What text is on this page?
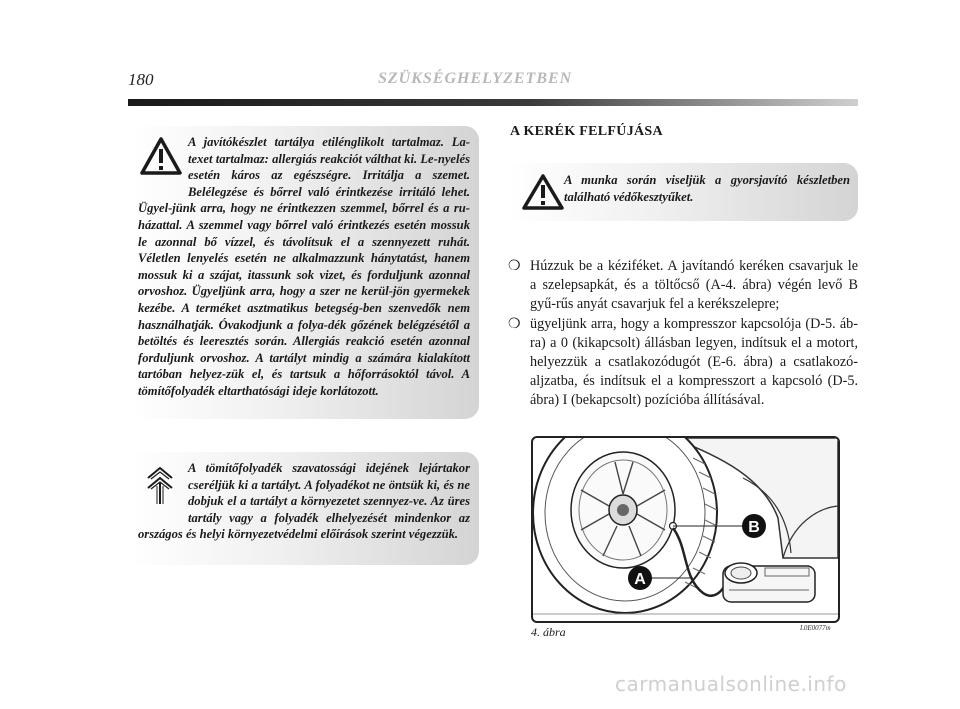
180	SZÜKSÉGHELYZETBEN
A javítókészlet tartálya etilénglikolt tartalmaz. La-texet tartalmaz: allergiás reakciót válthat ki. Le-nyelés esetén káros az egészségre. Irritálja a szemet. Belélegzése és bőrrel való érintkezése irritáló lehet. Ügyel-jünk arra, hogy ne érintkezzen szemmel, bőrrel és a ru-házattal. A szemmel vagy bőrrel való érintkezés esetén mossuk le azonnal bő vízzel, és távolítsuk el a szennyezett ruhát. Véletlen lenyelés esetén ne alkalmazzunk hánytatást, hanem mossuk ki a szájat, itassunk sok vizet, és forduljunk azonnal orvoshoz. Ügyeljünk arra, hogy a szer ne kerül-jön gyermekek kezébe. A terméket asztmatikus betegség-ben szenvedők nem használhatják. Óvakodjunk a folya-dék gőzének belégzésétől a betöltés és leeresztés során. Allergiás reakció esetén azonnal forduljunk orvoshoz. A tartályt mindig a számára kialakított tartóban helyez-zük el, és tartsuk a hőforrásoktól távol. A tömítőfolyadék eltarthatósági ideje korlátozott.
A tömítőfolyadék szavatossági idejének lejártakor cseréljük ki a tartályt. A folyadékot ne öntsük ki, és ne dobjuk el a tartályt a környezetet szennyez-ve. Az üres tartály vagy a folyadék elhelyezését mindenkor az országos és helyi környezetvédelmi előírások szerint végezzük.
A KERÉK FELFÚJÁSA
A munka során viseljük a gyorsjavító készletben található védőkesztyűket.
❍ Húzzuk be a kéziféket. A javítandó keréken csavarjuk le a szelepsapkát, és a töltőcső (A-4. ábra) végén levő B gyű-rűs anyát csavarjuk fel a kerékszelepre;
❍ ügyeljünk arra, hogy a kompresszor kapcsolója (D-5. áb-ra) a 0 (kikapcsolt) állásban legyen, indítsuk el a motort, helyezzük a csatlakozódugót (E-6. ábra) a csatlakozó-aljzatba, és indítsuk el a kompresszort a kapcsoló (D-5. ábra) I (bekapcsolt) pozícióba állításával.
B
A
4. ábra	L0E0077m
carmanualsonline.info
